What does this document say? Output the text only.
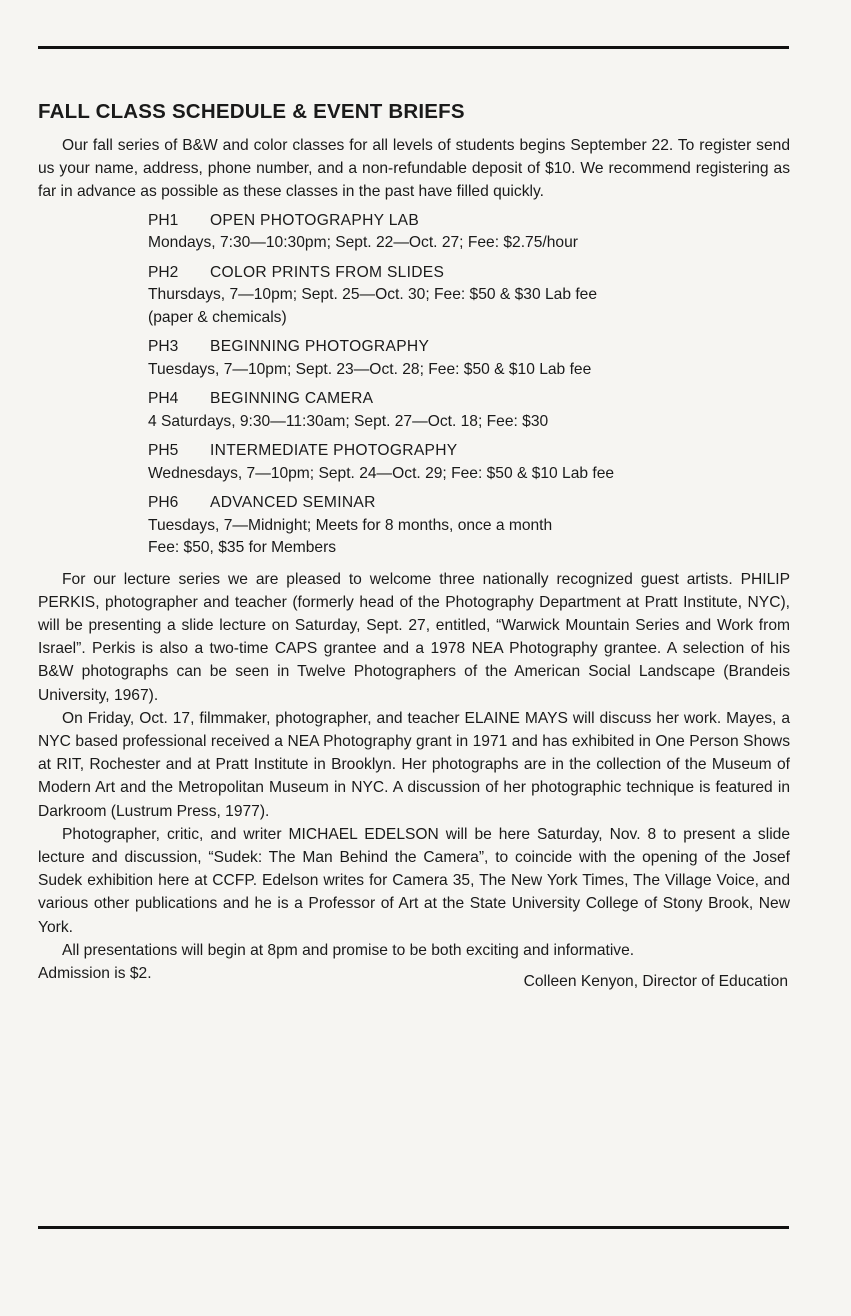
FALL CLASS SCHEDULE & EVENT BRIEFS

Our fall series of B&W and color classes for all levels of students begins September 22. To register send us your name, address, phone number, and a non-refundable deposit of $10. We recommend registering as far in advance as possible as these classes in the past have filled quickly.

PH1 OPEN PHOTOGRAPHY LAB
Mondays, 7:30—10:30pm; Sept. 22—Oct. 27; Fee: $2.75/hour
PH2 COLOR PRINTS FROM SLIDES
Thursdays, 7—10pm; Sept. 25—Oct. 30; Fee: $50 & $30 Lab fee
(paper & chemicals)
PH3 BEGINNING PHOTOGRAPHY
Tuesdays, 7—10pm; Sept. 23—Oct. 28; Fee: $50 & $10 Lab fee
PH4 BEGINNING CAMERA
4 Saturdays, 9:30—11:30am; Sept. 27—Oct. 18; Fee: $30
PH5 INTERMEDIATE PHOTOGRAPHY
Wednesdays, 7—10pm; Sept. 24—Oct. 29; Fee: $50 & $10 Lab fee
PH6 ADVANCED SEMINAR
Tuesdays, 7—Midnight; Meets for 8 months, once a month
Fee: $50, $35 for Members

For our lecture series we are pleased to welcome three nationally recognized guest artists. PHILIP PERKIS, photographer and teacher (formerly head of the Photography Department at Pratt Institute, NYC), will be presenting a slide lecture on Saturday, Sept. 27, entitled, “Warwick Mountain Series and Work from Israel”. Perkis is also a two-time CAPS grantee and a 1978 NEA Photography grantee. A selection of his B&W photographs can be seen in Twelve Photographers of the American Social Landscape (Brandeis University, 1967).

On Friday, Oct. 17, filmmaker, photographer, and teacher ELAINE MAYS will discuss her work. Mayes, a NYC based professional received a NEA Photography grant in 1971 and has exhibited in One Person Shows at RIT, Rochester and at Pratt Institute in Brooklyn. Her photographs are in the collection of the Museum of Modern Art and the Metropolitan Museum in NYC. A discussion of her photographic technique is featured in Darkroom (Lustrum Press, 1977).

Photographer, critic, and writer MICHAEL EDELSON will be here Saturday, Nov. 8 to present a slide lecture and discussion, “Sudek: The Man Behind the Camera”, to coincide with the opening of the Josef Sudek exhibition here at CCFP. Edelson writes for Camera 35, The New York Times, The Village Voice, and various other publications and he is a Professor of Art at the State University College of Stony Brook, New York.

All presentations will begin at 8pm and promise to be both exciting and informative.

Admission is $2.	Colleen Kenyon, Director of Education
